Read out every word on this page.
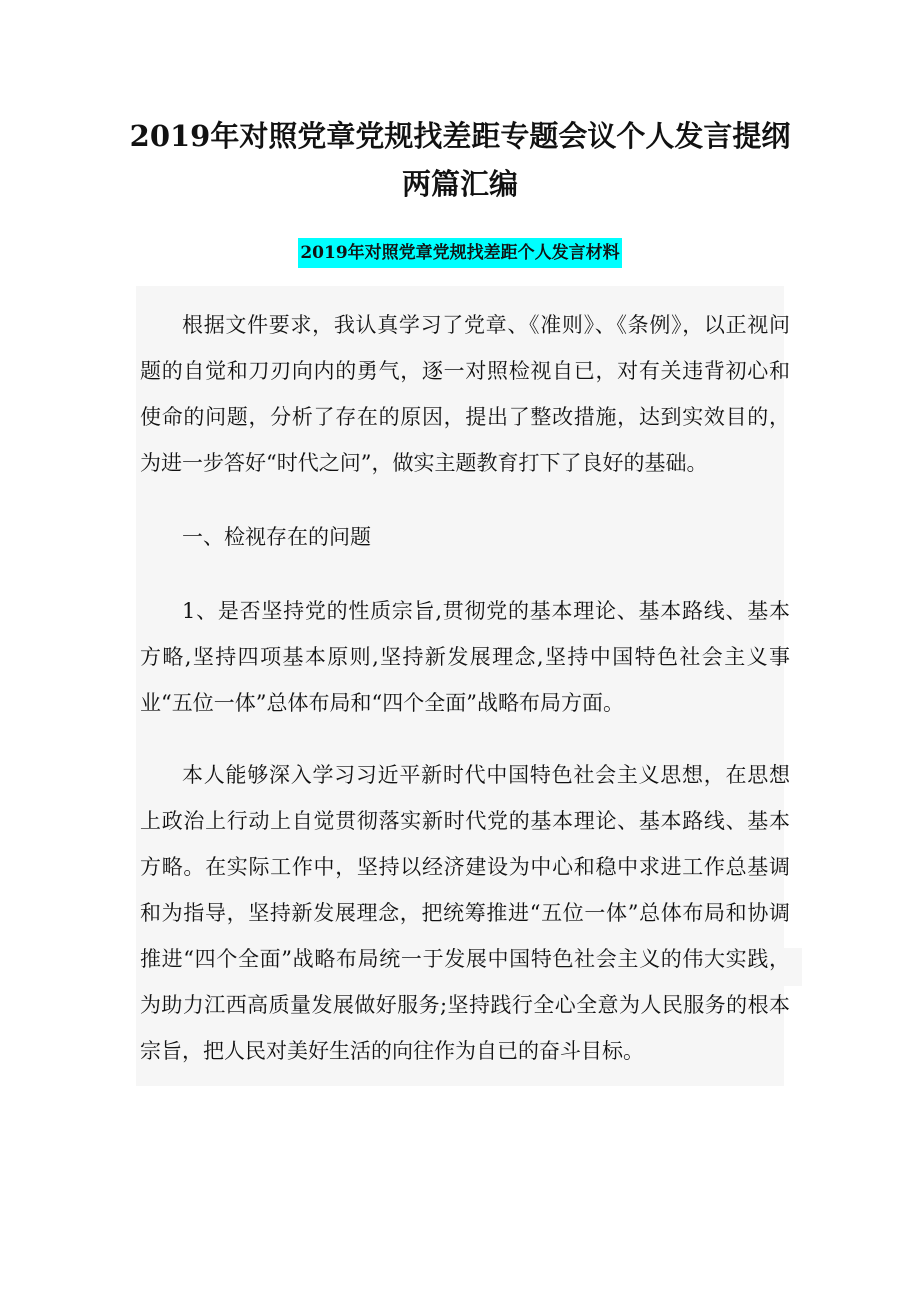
2019年对照党章党规找差距专题会议个人发言提纲
两篇汇编
2019年对照党章党规找差距个人发言材料

根据文件要求，我认真学习了党章、《准则》、《条例》，以正视问题的自觉和刀刃向内的勇气，逐一对照检视自已，对有关违背初心和使命的问题，分析了存在的原因，提出了整改措施，达到实效目的，为进一步答好“时代之问”，做实主题教育打下了良好的基础。

一、检视存在的问题

1、是否坚持党的性质宗旨,贯彻党的基本理论、基本路线、基本方略,坚持四项基本原则,坚持新发展理念,坚持中国特色社会主义事业“五位一体”总体布局和“四个全面”战略布局方面。

本人能够深入学习习近平新时代中国特色社会主义思想，在思想上政治上行动上自觉贯彻落实新时代党的基本理论、基本路线、基本方略。在实际工作中，坚持以经济建设为中心和稳中求进工作总基调和为指导，坚持新发展理念，把统筹推进“五位一体”总体布局和协调推进“四个全面”战略布局统一于发展中国特色社会主义的伟大实践，为助力江西高质量发展做好服务;坚持践行全心全意为人民服务的根本宗旨，把人民对美好生活的向往作为自已的奋斗目标。
